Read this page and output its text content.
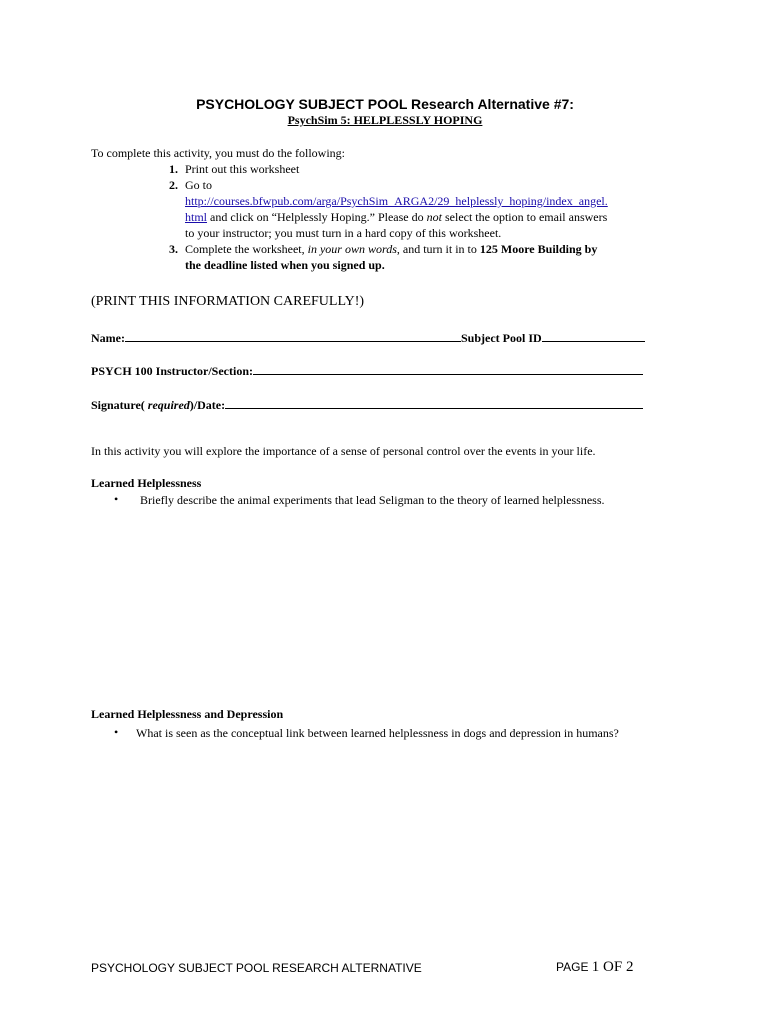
PSYCHOLOGY SUBJECT POOL Research Alternative #7:
PsychSim 5: HELPLESSLY HOPING
To complete this activity, you must do the following:
1. Print out this worksheet
2. Go to
http://courses.bfwpub.com/arga/PsychSim_ARGA2/29_helplessly_hoping/index_angel.
html and click on “Helplessly Hoping.” Please do not select the option to email answers
to your instructor; you must turn in a hard copy of this worksheet.
3. Complete the worksheet, in your own words, and turn it in to 125 Moore Building by
the deadline listed when you signed up.
(PRINT THIS INFORMATION CAREFULLY!)
Name:	Subject Pool ID
PSYCH 100 Instructor/Section:
Signature( required)/Date:
In this activity you will explore the importance of a sense of personal control over the events in your life.
Learned Helplessness
• Briefly describe the animal experiments that lead Seligman to the theory of learned helplessness.
Learned Helplessness and Depression
• What is seen as the conceptual link between learned helplessness in dogs and depression in humans?
PSYCHOLOGY SUBJECT POOL RESEARCH ALTERNATIVE	PAGE 1 OF 2
